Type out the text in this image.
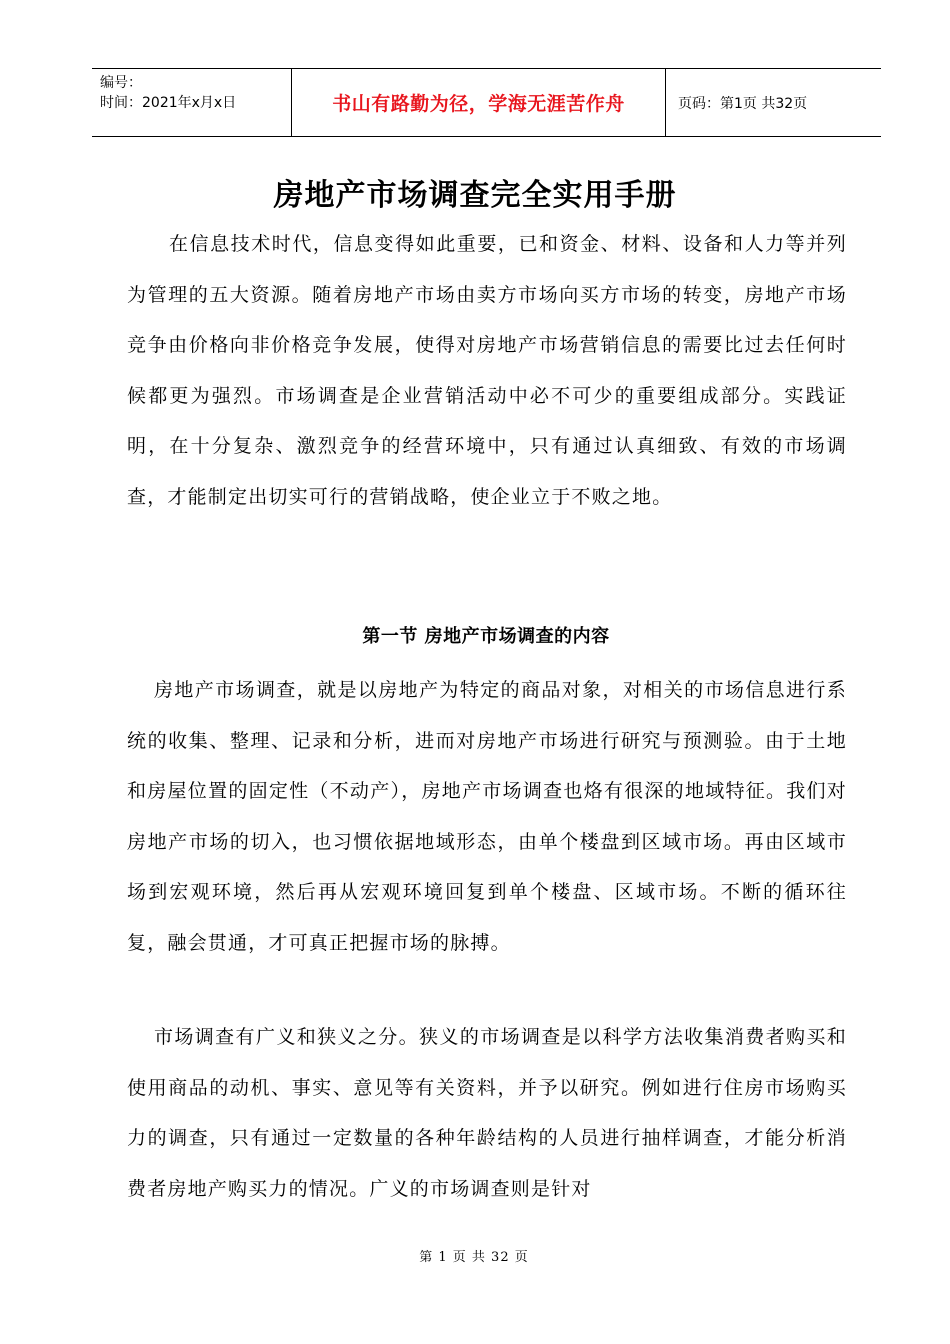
编号：
时间：2021年x月x日	书山有路勤为径，学海无涯苦作舟	页码：第1页 共32页
房地产市场调查完全实用手册

在信息技术时代，信息变得如此重要，已和资金、材料、设备和人力等并列为管理的五大资源。随着房地产市场由卖方市场向买方市场的转变，房地产市场竞争由价格向非价格竞争发展，使得对房地产市场营销信息的需要比过去任何时候都更为强烈。市场调查是企业营销活动中必不可少的重要组成部分。实践证明，在十分复杂、激烈竞争的经营环境中，只有通过认真细致、有效的市场调查，才能制定出切实可行的营销战略，使企业立于不败之地。

第一节 房地产市场调查的内容

房地产市场调查，就是以房地产为特定的商品对象，对相关的市场信息进行系统的收集、整理、记录和分析，进而对房地产市场进行研究与预测验。由于土地和房屋位置的固定性（不动产），房地产市场调查也烙有很深的地域特征。我们对房地产市场的切入，也习惯依据地域形态，由单个楼盘到区域市场。再由区域市场到宏观环境，然后再从宏观环境回复到单个楼盘、区域市场。不断的循环往复，融会贯通，才可真正把握市场的脉搏。

市场调查有广义和狭义之分。狭义的市场调查是以科学方法收集消费者购买和使用商品的动机、事实、意见等有关资料，并予以研究。例如进行住房市场购买力的调查，只有通过一定数量的各种年龄结构的人员进行抽样调查，才能分析消费者房地产购买力的情况。广义的市场调查则是针对

第 1 页 共 32 页
